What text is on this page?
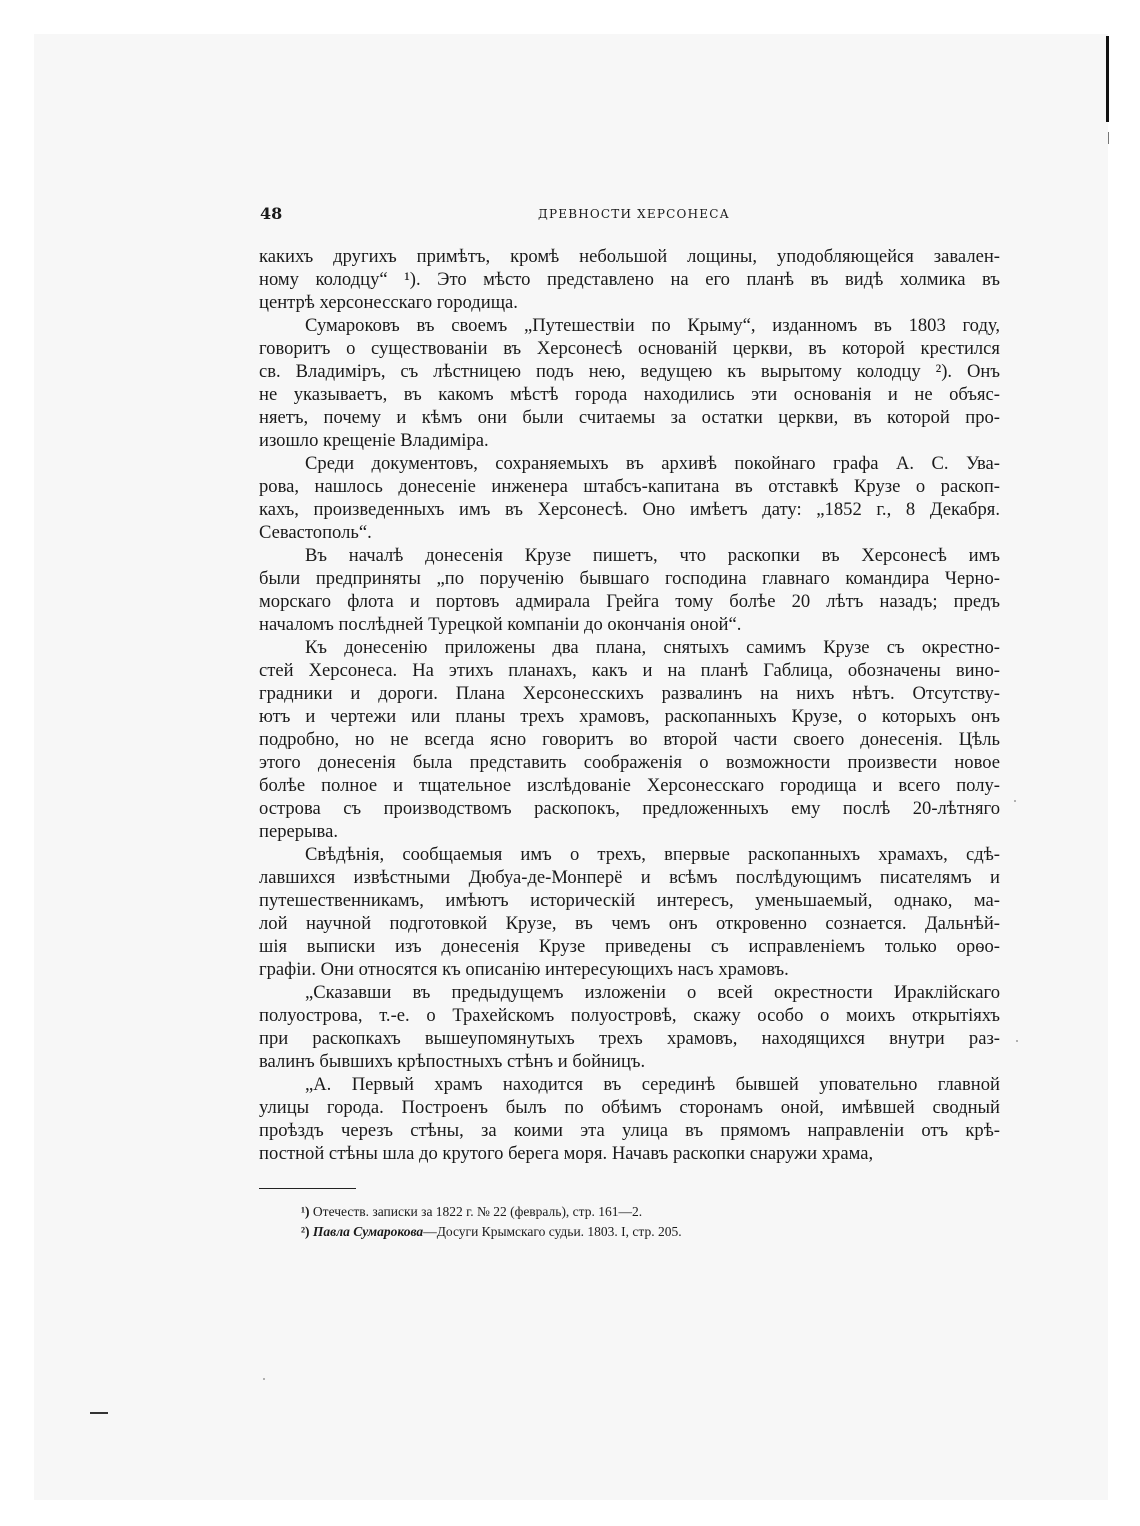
48	ДРЕВНОСТИ ХЕРСОНЕСА

какихъ другихъ примѣтъ, кромѣ небольшой лощины, уподобляющейся завален-
ному колодцу“ ¹). Это мѣсто представлено на его планѣ въ видѣ холмика въ
центрѣ херсонесскаго городища.

Сумароковъ въ своемъ „Путешествіи по Крыму“, изданномъ въ 1803 году,
говоритъ о существованіи въ Херсонесѣ основаній церкви, въ которой крестился
св. Владиміръ, съ лѣстницею подъ нею, ведущею къ вырытому колодцу ²). Онъ
не указываетъ, въ какомъ мѣстѣ города находились эти основанія и не объяс-
няетъ, почему и кѣмъ они были считаемы за остатки церкви, въ которой про-
изошло крещеніе Владиміра.

Среди документовъ, сохраняемыхъ въ архивѣ покойнаго графа А. С. Ува-
рова, нашлось донесеніе инженера штабсъ-капитана въ отставкѣ Крузе о раскоп-
кахъ, произведенныхъ имъ въ Херсонесѣ. Оно имѣетъ дату: „1852 г., 8 Декабря.
Севастополь“.

Въ началѣ донесенія Крузе пишетъ, что раскопки въ Херсонесѣ имъ
были предприняты „по порученію бывшаго господина главнаго командира Черно-
морскаго флота и портовъ адмирала Грейга тому болѣе 20 лѣтъ назадъ; предъ
началомъ послѣдней Турецкой компаніи до окончанія оной“.

Къ донесенію приложены два плана, снятыхъ самимъ Крузе съ окрестно-
стей Херсонеса. На этихъ планахъ, какъ и на планѣ Габлица, обозначены вино-
градники и дороги. Плана Херсонесскихъ развалинъ на нихъ нѣтъ. Отсутству-
ютъ и чертежи или планы трехъ храмовъ, раскопанныхъ Крузе, о которыхъ онъ
подробно, но не всегда ясно говоритъ во второй части своего донесенія. Цѣль
этого донесенія была представить соображенія о возможности произвести новое
болѣе полное и тщательное изслѣдованіе Херсонесскаго городища и всего полу-
острова съ производствомъ раскопокъ, предложенныхъ ему послѣ 20-лѣтняго
перерыва.

Свѣдѣнія, сообщаемыя имъ о трехъ, впервые раскопанныхъ храмахъ, сдѣ-
лавшихся извѣстными Дюбуа-де-Монперё и всѣмъ послѣдующимъ писателямъ и
путешественникамъ, имѣютъ историческій интересъ, уменьшаемый, однако, ма-
лой научной подготовкой Крузе, въ чемъ онъ откровенно сознается. Дальнѣй-
шія выписки изъ донесенія Крузе приведены съ исправленіемъ только орѳо-
графіи. Они относятся къ описанію интересующихъ насъ храмовъ.

„Сказавши въ предыдущемъ изложеніи о всей окрестности Ираклійскаго
полуострова, т.-е. о Трахейскомъ полуостровѣ, скажу особо о моихъ открытіяхъ
при раскопкахъ вышеупомянутыхъ трехъ храмовъ, находящихся внутри раз-
валинъ бывшихъ крѣпостныхъ стѣнъ и бойницъ.

„А. Первый храмъ находится въ серединѣ бывшей уповательно главной
улицы города. Построенъ былъ по обѣимъ сторонамъ оной, имѣвшей сводный
проѣздъ черезъ стѣны, за коими эта улица въ прямомъ направленіи отъ крѣ-
постной стѣны шла до крутого берега моря. Начавъ раскопки снаружи храма,

¹) Отечеств. записки за 1822 г. № 22 (февраль), стр. 161—2.
²) Павла Сумарокова—Досуги Крымскаго судьи. 1803. I, стр. 205.
